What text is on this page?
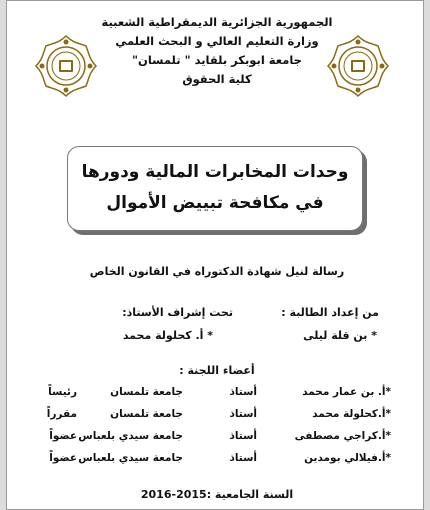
الجمهورية الجزائرية الديمقراطية الشعبية
وزارة التعليم العالي و البحث العلمي
جامعة ابوبكر بلقايد " تلمسان"
كلية الحقوق
وحدات المخابرات المالية ودورها
في مكافحة تبييض الأموال
رسالة لنيل شهادة الدكتوراه في القانون الخاص
من إعداد الطالبة :
تحت إشراف الأستاذ:
* بن قلة ليلى
* أ. كحلولة محمد
أعضاء اللجنة :
*أ. بن عمار محمد
أستاذ
جامعة تلمسان
رئيساً
*أ.كحلولة محمد
أستاذ
جامعة تلمسان
مقرراً
*أ.كراجي مصطفى
أستاذ
جامعة سيدي بلعباس
عضواً
*أ.فيلالي بومدين
أستاذ
جامعة سيدي بلعباس
عضواً
السنة الجامعية :2015-2016
